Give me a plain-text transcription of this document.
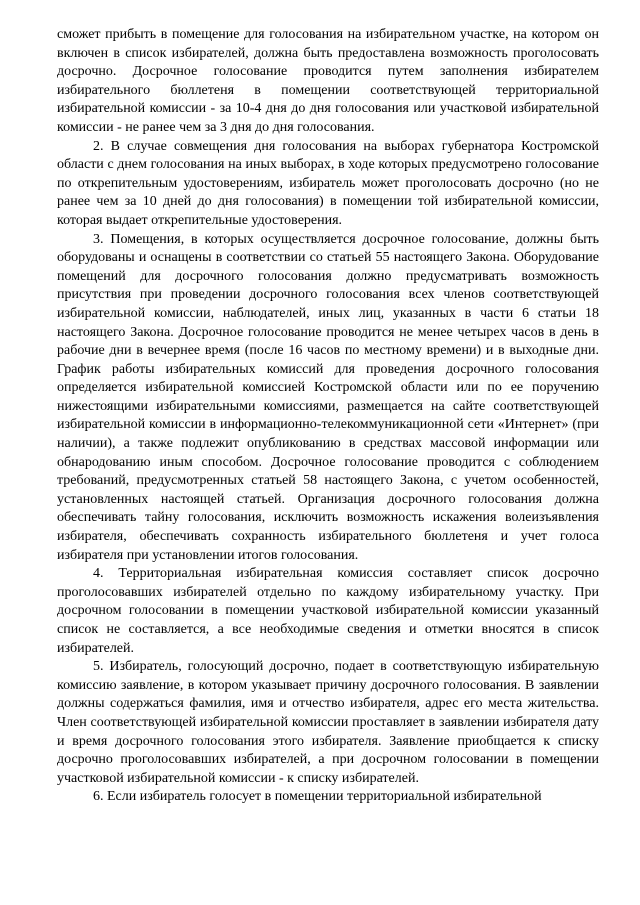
сможет прибыть в помещение для голосования на избирательном участке, на котором он включен в список избирателей, должна быть предоставлена возможность проголосовать досрочно. Досрочное голосование проводится путем заполнения избирателем избирательного бюллетеня в помещении соответствующей территориальной избирательной комиссии - за 10-4 дня до дня голосования или участковой избирательной комиссии - не ранее чем за 3 дня до дня голосования.

2. В случае совмещения дня голосования на выборах губернатора Костромской области с днем голосования на иных выборах, в ходе которых предусмотрено голосование по открепительным удостоверениям, избиратель может проголосовать досрочно (но не ранее чем за 10 дней до дня голосования) в помещении той избирательной комиссии, которая выдает открепительные удостоверения.

3. Помещения, в которых осуществляется досрочное голосование, должны быть оборудованы и оснащены в соответствии со статьей 55 настоящего Закона. Оборудование помещений для досрочного голосования должно предусматривать возможность присутствия при проведении досрочного голосования всех членов соответствующей избирательной комиссии, наблюдателей, иных лиц, указанных в части 6 статьи 18 настоящего Закона. Досрочное голосование проводится не менее четырех часов в день в рабочие дни в вечернее время (после 16 часов по местному времени) и в выходные дни. График работы избирательных комиссий для проведения досрочного голосования определяется избирательной комиссией Костромской области или по ее поручению нижестоящими избирательными комиссиями, размещается на сайте соответствующей избирательной комиссии в информационно-телекоммуникационной сети «Интернет» (при наличии), а также подлежит опубликованию в средствах массовой информации или обнародованию иным способом. Досрочное голосование проводится с соблюдением требований, предусмотренных статьей 58 настоящего Закона, с учетом особенностей, установленных настоящей статьей. Организация досрочного голосования должна обеспечивать тайну голосования, исключить возможность искажения волеизъявления избирателя, обеспечивать сохранность избирательного бюллетеня и учет голоса избирателя при установлении итогов голосования.

4. Территориальная избирательная комиссия составляет список досрочно проголосовавших избирателей отдельно по каждому избирательному участку. При досрочном голосовании в помещении участковой избирательной комиссии указанный список не составляется, а все необходимые сведения и отметки вносятся в список избирателей.

5. Избиратель, голосующий досрочно, подает в соответствующую избирательную комиссию заявление, в котором указывает причину досрочного голосования. В заявлении должны содержаться фамилия, имя и отчество избирателя, адрес его места жительства. Член соответствующей избирательной комиссии проставляет в заявлении избирателя дату и время досрочного голосования этого избирателя. Заявление приобщается к списку досрочно проголосовавших избирателей, а при досрочном голосовании в помещении участковой избирательной комиссии - к списку избирателей.

6. Если избиратель голосует в помещении территориальной избирательной
